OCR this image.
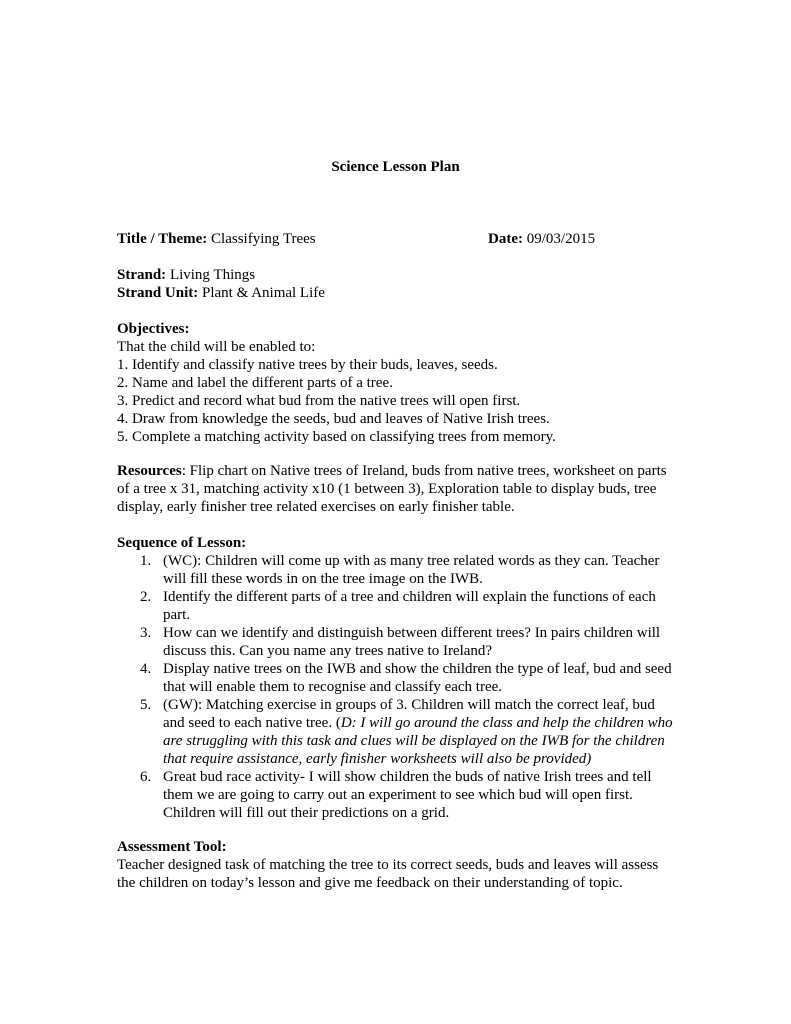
Science Lesson Plan
Title / Theme: Classifying Trees	Date: 09/03/2015
Strand: Living Things
Strand Unit: Plant & Animal Life

Objectives:

That the child will be enabled to:

1. Identify and classify native trees by their buds, leaves, seeds.

2. Name and label the different parts of a tree.

3. Predict and record what bud from the native trees will open first.

4. Draw from knowledge the seeds, bud and leaves of Native Irish trees.

5. Complete a matching activity based on classifying trees from memory.

Resources: Flip chart on Native trees of Ireland, buds from native trees, worksheet on parts of a tree x 31, matching activity x10 (1 between 3), Exploration table to display buds, tree display, early finisher tree related exercises on early finisher table.

Sequence of Lesson:

1. (WC): Children will come up with as many tree related words as they can. Teacher will fill these words in on the tree image on the IWB.
2. Identify the different parts of a tree and children will explain the functions of each part.
3. How can we identify and distinguish between different trees? In pairs children will discuss this. Can you name any trees native to Ireland?
4. Display native trees on the IWB and show the children the type of leaf, bud and seed that will enable them to recognise and classify each tree.
5. (GW): Matching exercise in groups of 3. Children will match the correct leaf, bud and seed to each native tree. (D: I will go around the class and help the children who are struggling with this task and clues will be displayed on the IWB for the children that require assistance, early finisher worksheets will also be provided)
6. Great bud race activity- I will show children the buds of native Irish trees and tell them we are going to carry out an experiment to see which bud will open first. Children will fill out their predictions on a grid.

Assessment Tool:

Teacher designed task of matching the tree to its correct seeds, buds and leaves will assess the children on today’s lesson and give me feedback on their understanding of topic.
